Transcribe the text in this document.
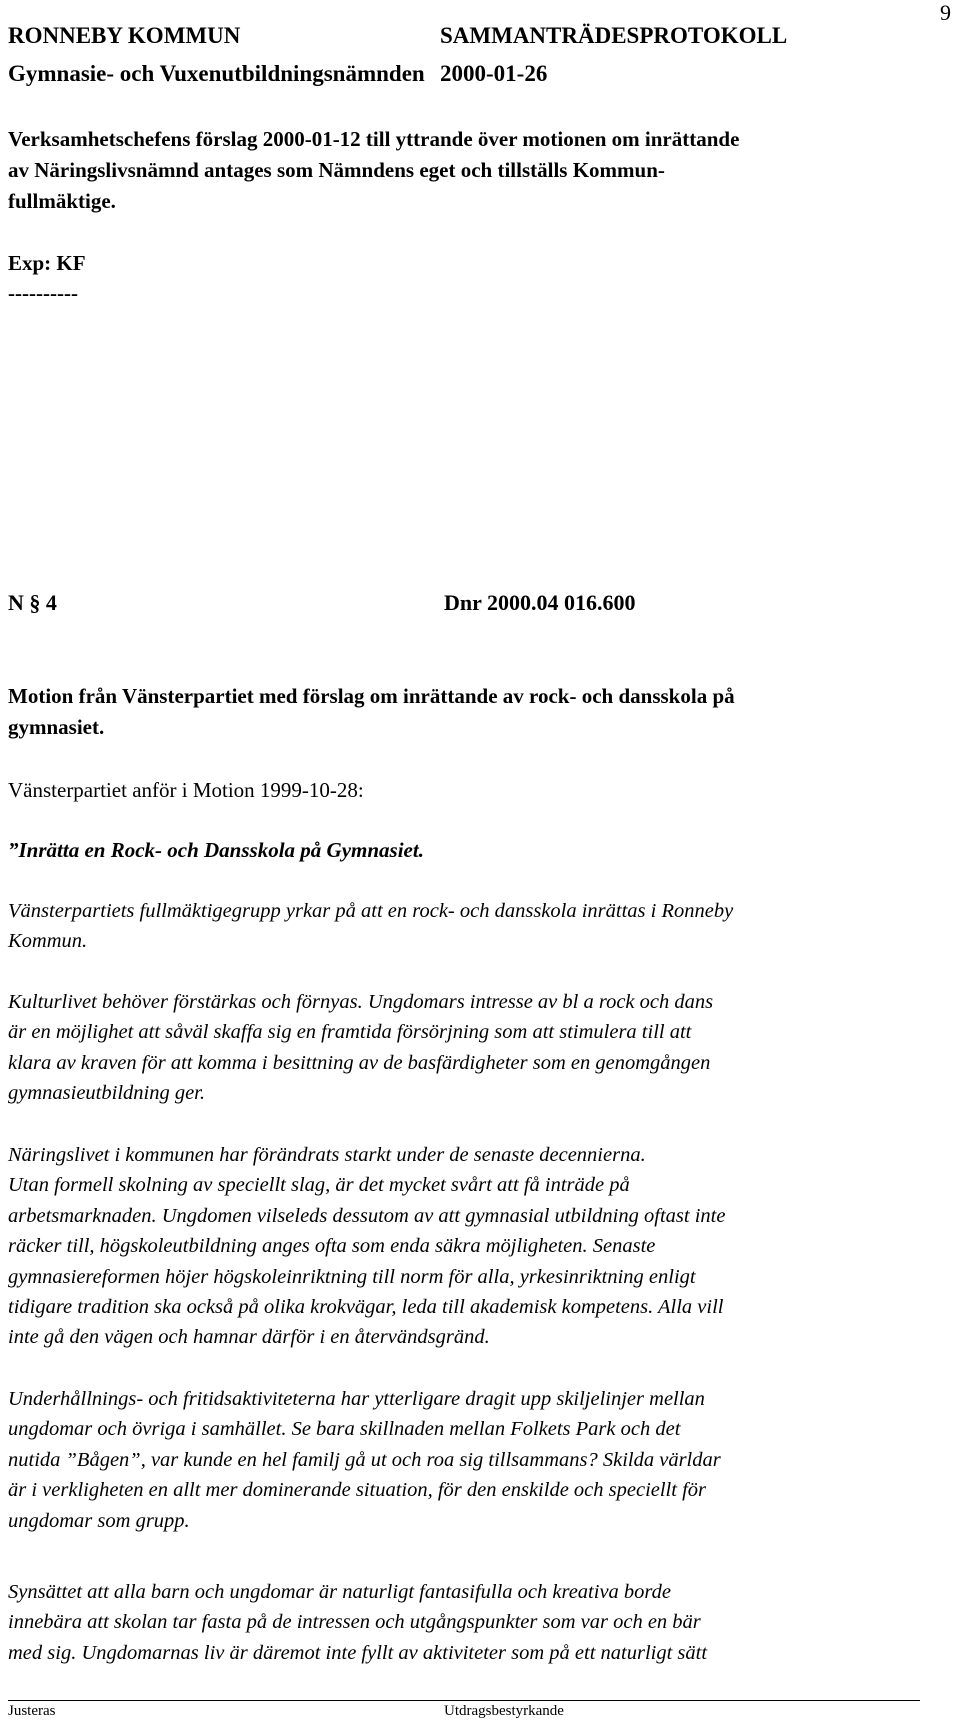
RONNEBY KOMMUN	SAMMANTRÄDESPROTOKOLL
9
Gymnasie- och Vuxenutbildningsnämnden 2000-01-26
Verksamhetschefens förslag 2000-01-12 till yttrande över motionen om inrättande
av Näringslivsnämnd antages som Nämndens eget och tillställs Kommun-
fullmäktige.
Exp: KF
----------
N § 4	Dnr 2000.04 016.600
Motion från Vänsterpartiet med förslag om inrättande av rock- och dansskola på
gymnasiet.
Vänsterpartiet anför i Motion 1999-10-28:
”Inrätta en Rock- och Dansskola på Gymnasiet.
Vänsterpartiets fullmäktigegrupp yrkar på att en rock- och dansskola inrättas i Ronneby
Kommun.
Kulturlivet behöver förstärkas och förnyas. Ungdomars intresse av bl a rock och dans
är en möjlighet att såväl skaffa sig en framtida försörjning som att stimulera till att
klara av kraven för att komma i besittning av de basfärdigheter som en genomgången
gymnasieutbildning ger.
Näringslivet i kommunen har förändrats starkt under de senaste decennierna.
Utan formell skolning av speciellt slag, är det mycket svårt att få inträde på
arbetsmarknaden. Ungdomen vilseleds dessutom av att gymnasial utbildning oftast inte
räcker till, högskoleutbildning anges ofta som enda säkra möjligheten. Senaste
gymnasiereformen höjer högskoleinriktning till norm för alla, yrkesinriktning enligt
tidigare tradition ska också på olika krokvägar, leda till akademisk kompetens. Alla vill
inte gå den vägen och hamnar därför i en återvändsgränd.
Underhållnings- och fritidsaktiviteterna har ytterligare dragit upp skiljelinjer mellan
ungdomar och övriga i samhället. Se bara skillnaden mellan Folkets Park och det
nutida ”Bågen”, var kunde en hel familj gå ut och roa sig tillsammans? Skilda världar
är i verkligheten en allt mer dominerande situation, för den enskilde och speciellt för
ungdomar som grupp.
Synsättet att alla barn och ungdomar är naturligt fantasifulla och kreativa borde
innebära att skolan tar fasta på de intressen och utgångspunkter som var och en bär
med sig. Ungdomarnas liv är däremot inte fyllt av aktiviteter som på ett naturligt sätt
Justeras	Utdragsbestyrkande
